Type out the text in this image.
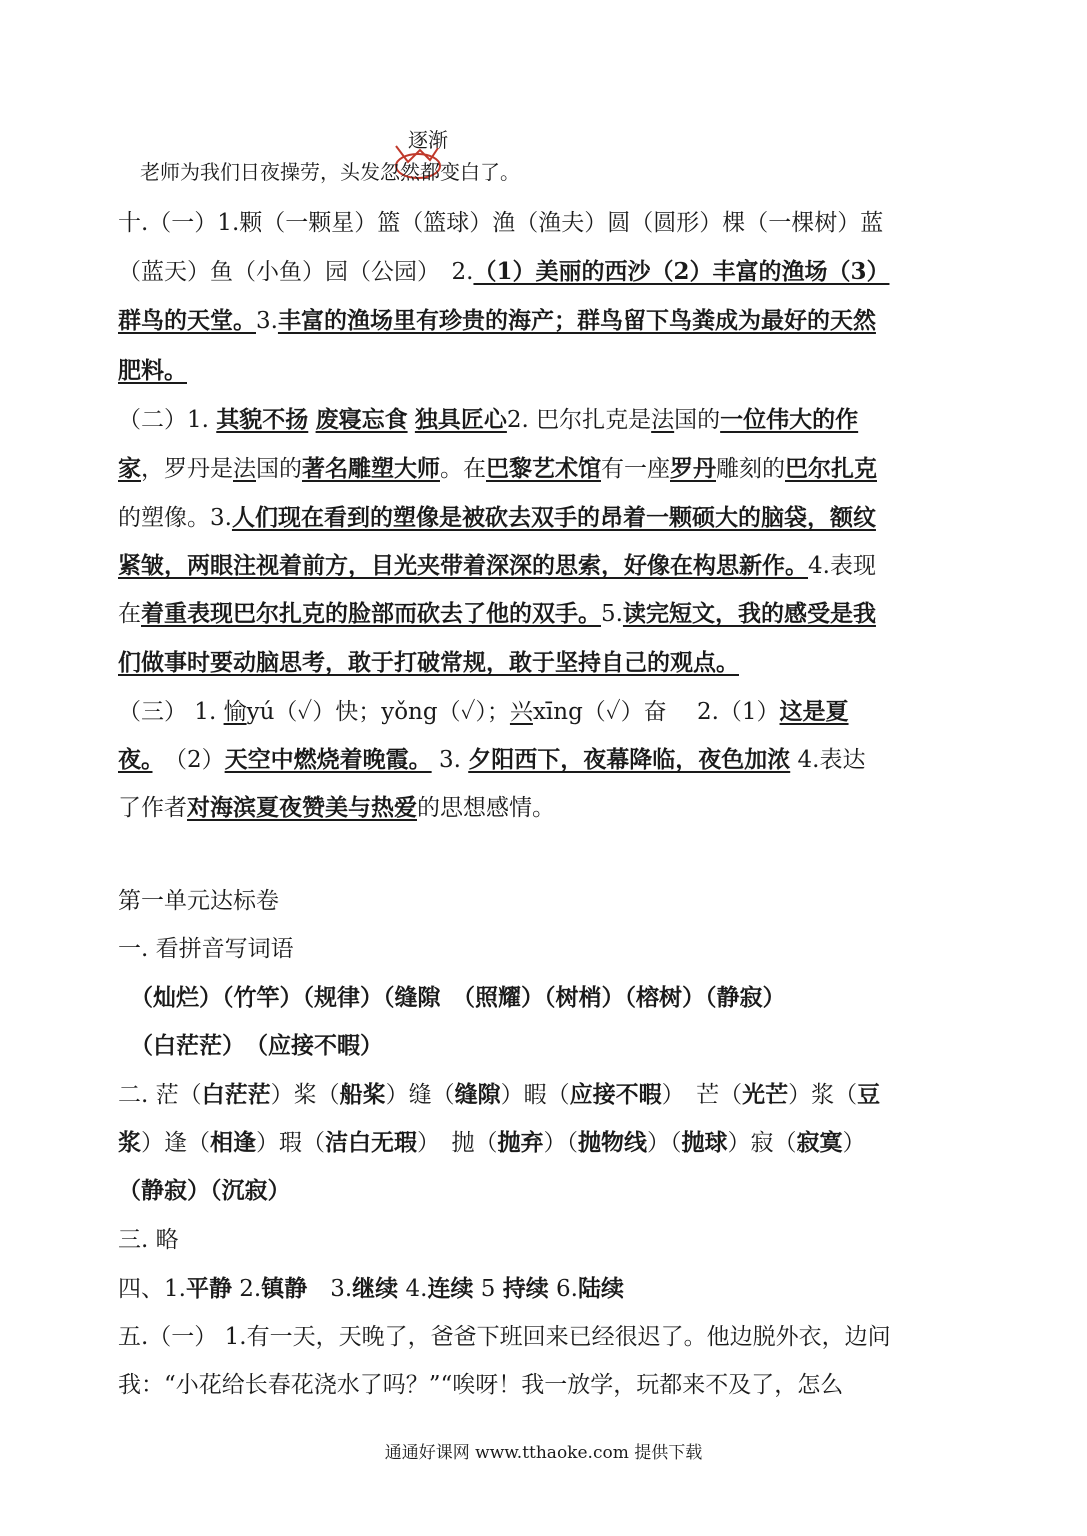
逐渐
老师为我们日夜操劳，头发忽然都变白了。
十.（一）1.颗（一颗星）篮（篮球）渔（渔夫）圆（圆形）棵（一棵树）蓝
（蓝天）鱼（小鱼）园（公园）　2.（1）美丽的西沙（2）丰富的渔场（3）
群鸟的天堂。3.丰富的渔场里有珍贵的海产；群鸟留下鸟粪成为最好的天然
肥料。
（二）1. 其貌不扬 废寝忘食 独具匠心2. 巴尔扎克是法国的一位伟大的作
家，罗丹是法国的著名雕塑大师。在巴黎艺术馆有一座罗丹雕刻的巴尔扎克
的塑像。3.人们现在看到的塑像是被砍去双手的昂着一颗硕大的脑袋，额纹
紧皱，两眼注视着前方，目光夹带着深深的思索，好像在构思新作。4.表现
在着重表现巴尔扎克的脸部而砍去了他的双手。5.读完短文，我的感受是我
们做事时要动脑思考，敢于打破常规，敢于坚持自己的观点。
（三） 1. 愉yú（✓）快；yǒng（✓）；兴xīng（✓）奋　 2.（1）这是夏
夜。　 （2）天空中燃烧着晚霞。 3. 夕阳西下，夜幕降临，夜色加浓 4.表达
了作者对海滨夏夜赞美与热爱的思想感情。
第一单元达标卷
一. 看拼音写词语
（灿烂）（竹竿）（规律）（缝隙　（照耀）（树梢）（榕树）（静寂）
（白茫茫）　（应接不暇）
二. 茫（白茫茫）桨（船桨）缝（缝隙）暇（应接不暇）　芒（光芒）浆（豆
浆）逢（相逢）瑕（洁白无瑕）　抛（抛弃）（抛物线）（抛球）寂（寂寞）
（静寂）（沉寂）
三. 略
四、1.平静 2.镇静　3.继续 4.连续 5 持续 6.陆续
五.（一） 1.有一天，天晚了，爸爸下班回来已经很迟了。他边脱外衣，边问
我：“小花给长春花浇水了吗？”“唉呀！我一放学，玩都来不及了，怎么
通通好课网 www.tthaoke.com 提供下载
